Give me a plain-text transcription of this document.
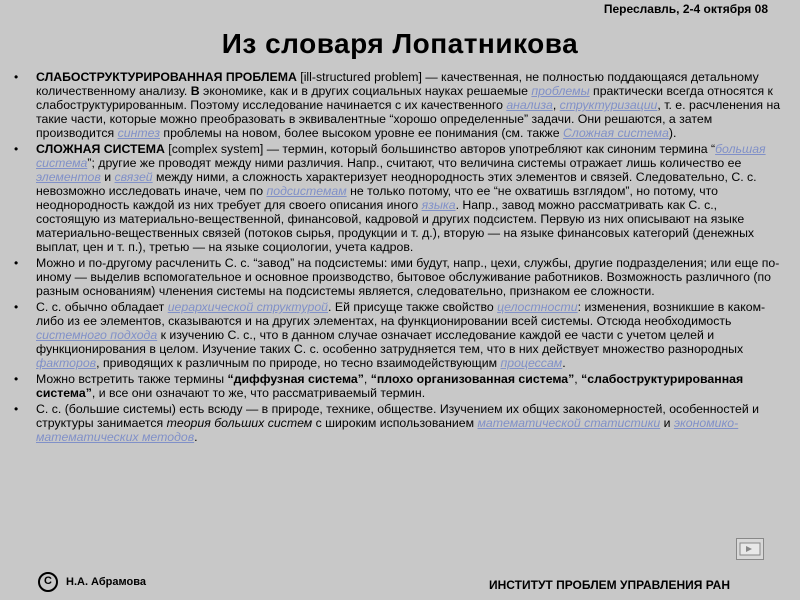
Переславль, 2-4 октября 08
Из словаря Лопатникова
• СЛАБОСТРУКТУРИРОВАННАЯ ПРОБЛЕМА [ill-structured problem] — качественная, не полностью поддающаяся детальному количественному анализу. В экономике, как и в других социальных науках решаемые проблемы практически всегда относятся к слабоструктурированным. Поэтому исследование начинается с их качественного анализа, структуризации, т. е. расчленения на такие части, которые можно преобразовать в эквивалентные “хорошо определенные” задачи. Они решаются, а затем производится синтез проблемы на новом, более высоком уровне ее понимания (см. также Сложная система).
• СЛОЖНАЯ СИСТЕМА [complex system] — термин, который большинство авторов употребляют как синоним термина “большая система”; другие же проводят между ними различия. Напр., считают, что величина системы отражает лишь количество ее элементов и связей между ними, а сложность характеризует неоднородность этих элементов и связей. Следовательно, С. с. невозможно исследовать иначе, чем по подсистемам не только потому, что ее “не охватишь взглядом”, но потому, что неоднородность каждой из них требует для своего описания иного языка. Напр., завод можно рассматривать как С. с., состоящую из материально-вещественной, финансовой, кадровой и других подсистем. Первую из них описывают на языке материально-вещественных связей (потоков сырья, продукции и т. д.), вторую — на языке финансовых категорий (денежных выплат, цен и т. п.), третью — на языке социологии, учета кадров.
• Можно и по-другому расчленить С. с. “завод” на подсистемы: ими будут, напр., цехи, службы, другие подразделения; или еще по-иному — выделив вспомогательное и основное производство, бытовое обслуживание работников. Возможность различного (по разным основаниям) членения системы на подсистемы является, следовательно, признаком ее сложности.
• С. с. обычно обладает иерархической структурой. Ей присуще также свойство целостности: изменения, возникшие в каком-либо из ее элементов, сказываются и на других элементах, на функционировании всей системы. Отсюда необходимость системного подхода к изучению С. с., что в данном случае означает исследование каждой ее части с учетом целей и функционирования в целом. Изучение таких С. с. особенно затрудняется тем, что в них действует множество разнородных факторов, приводящих к различным по природе, но тесно взаимодействующим процессам.
• Можно встретить также термины “диффузная система”, “плохо организованная система”, “слабоструктурированная система”, и все они означают то же, что рассматриваемый термин.
• С. с. (большие системы) есть всюду — в природе, технике, обществе. Изучением их общих закономерностей, особенностей и структуры занимается теория больших систем с широким использованием математической статистики и экономико-математических методов.
C	Н.А. Абрамова	ИНСТИТУТ ПРОБЛЕМ УПРАВЛЕНИЯ РАН
